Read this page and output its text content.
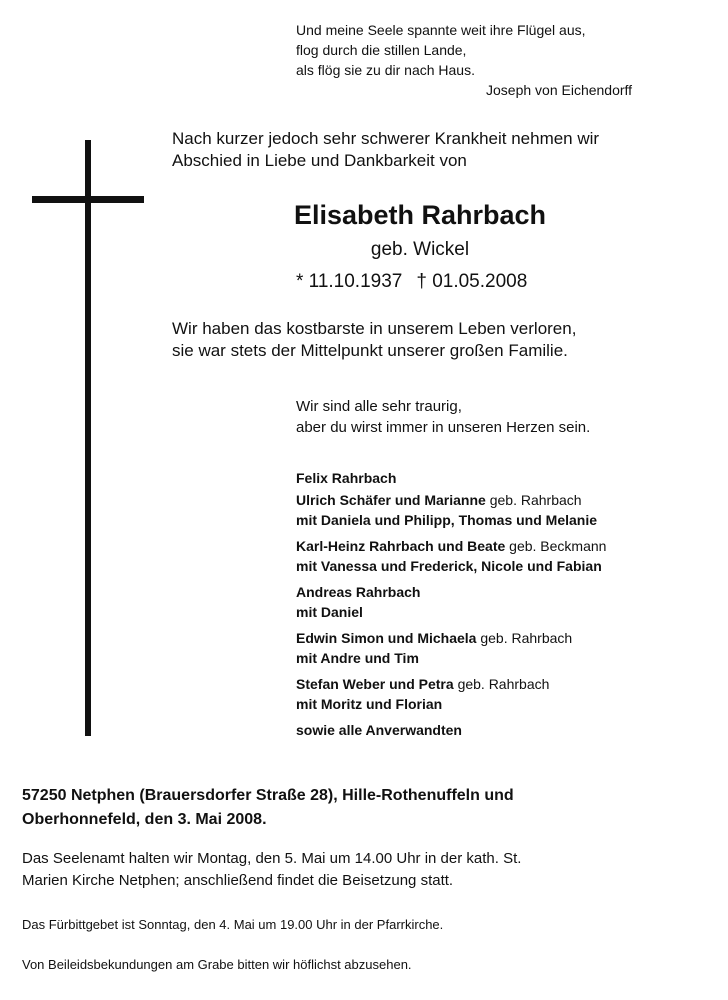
Und meine Seele spannte weit ihre Flügel aus,
flog durch die stillen Lande,
als flög sie zu dir nach Haus.
Joseph von Eichendorff
Nach kurzer jedoch sehr schwerer Krankheit nehmen wir
Abschied in Liebe und Dankbarkeit von
Elisabeth Rahrbach
geb. Wickel
* 11.10.1937 † 01.05.2008
Wir haben das kostbarste in unserem Leben verloren,
sie war stets der Mittelpunkt unserer großen Familie.
Wir sind alle sehr traurig,
aber du wirst immer in unseren Herzen sein.
Felix Rahrbach
Ulrich Schäfer und Marianne geb. Rahrbach
mit Daniela und Philipp, Thomas und Melanie
Karl-Heinz Rahrbach und Beate geb. Beckmann
mit Vanessa und Frederick, Nicole und Fabian
Andreas Rahrbach
mit Daniel
Edwin Simon und Michaela geb. Rahrbach
mit Andre und Tim
Stefan Weber und Petra geb. Rahrbach
mit Moritz und Florian
sowie alle Anverwandten
57250 Netphen (Brauersdorfer Straße 28), Hille-Rothenuffeln und
Oberhonnefeld, den 3. Mai 2008.
Das Seelenamt halten wir Montag, den 5. Mai um 14.00 Uhr in der kath. St.
Marien Kirche Netphen; anschließend findet die Beisetzung statt.
Das Fürbittgebet ist Sonntag, den 4. Mai um 19.00 Uhr in der Pfarrkirche.
Von Beileidsbekundungen am Grabe bitten wir höflichst abzusehen.
